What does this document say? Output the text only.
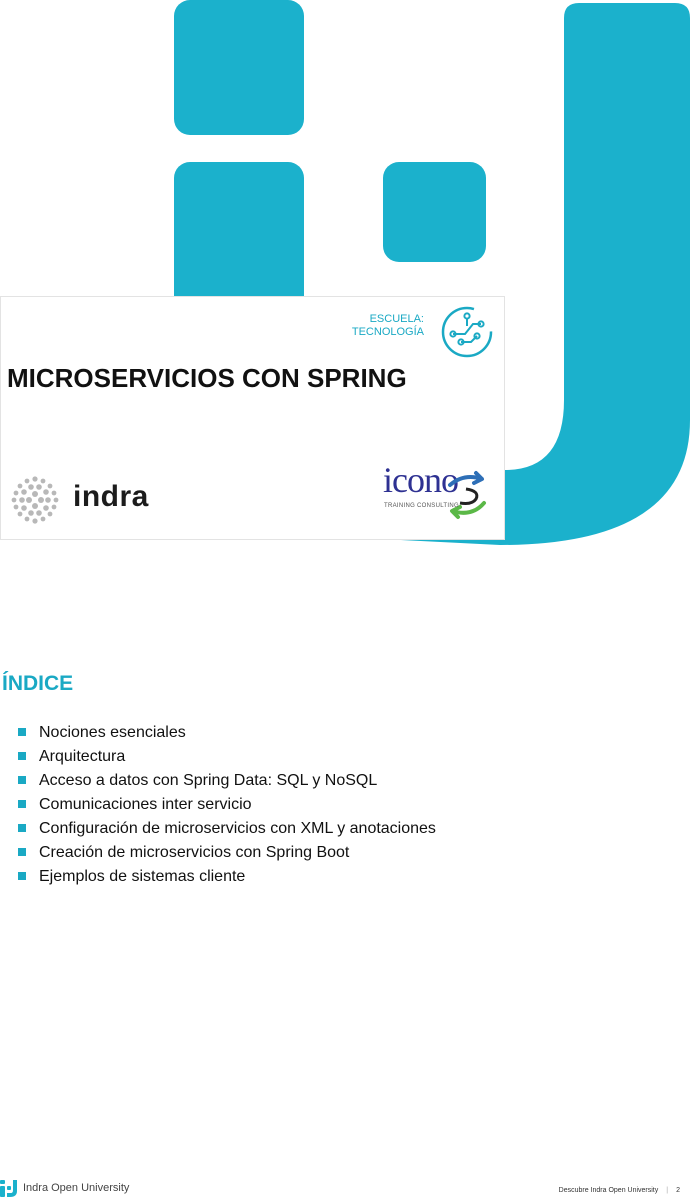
ESCUELA:
TECNOLOGÍA
MICROSERVICIOS CON SPRING
indra	icono
TRAINING CONSULTING
ÍNDICE
Nociones esenciales
Arquitectura
Acceso a datos con Spring Data: SQL y NoSQL
Comunicaciones inter servicio
Configuración de microservicios con XML y anotaciones
Creación de microservicios con Spring Boot
Ejemplos de sistemas cliente
Indra Open University	Descubre Indra Open University | 2
